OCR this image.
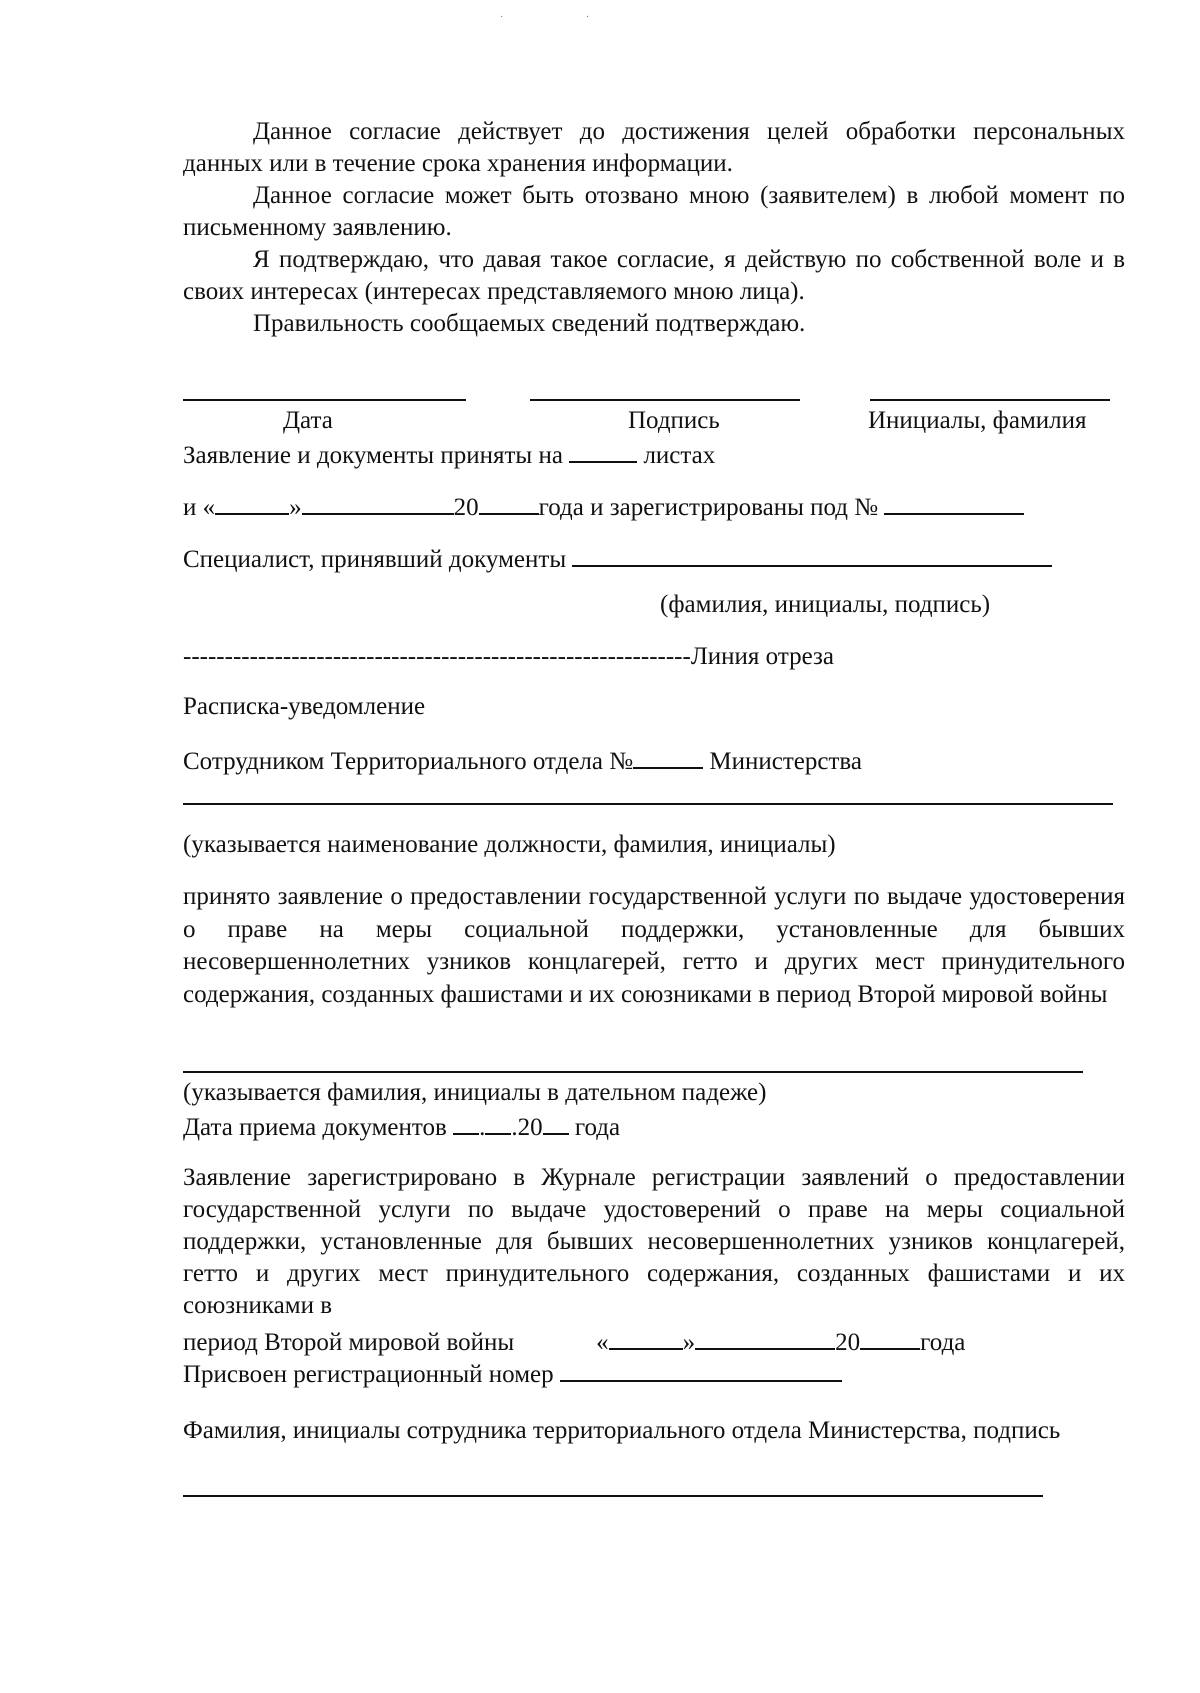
· ·
Данное согласие действует до достижения целей обработки персональных данных или в течение срока хранения информации.
Данное согласие может быть отозвано мною (заявителем) в любой момент по письменному заявлению.
Я подтверждаю, что давая такое согласие, я действую по собственной воле и в своих интересах (интересах представляемого мною лица).
Правильность сообщаемых сведений подтверждаю.
Дата	Подпись	Инициалы, фамилия
Заявление и документы приняты на	листах
и «	»	20 года и зарегистрированы под №
Специалист, принявший документы
(фамилия, инициалы, подпись)
-------------------------------------------------------------Линия отреза
Расписка-уведомление
Сотрудником Территориального отдела №	Министерства
(указывается наименование должности, фамилия, инициалы)
принято заявление о предоставлении государственной услуги по выдаче удостоверения о праве на меры социальной поддержки, установленные для бывших несовершеннолетних узников концлагерей, гетто и других мест принудительного содержания, созданных фашистами и их союзниками в период Второй мировой войны
(указывается фамилия, инициалы в дательном падеже)
Дата приема документов . .20 года
Заявление зарегистрировано в Журнале регистрации заявлений о предоставлении государственной услуги по выдаче удостоверений о праве на меры социальной поддержки, установленные для бывших несовершеннолетних узников концлагерей, гетто и других мест принудительного содержания, созданных фашистами и их союзниками в
период Второй мировой войны	«	»	20 года
Присвоен регистрационный номер
Фамилия, инициалы сотрудника территориального отдела Министерства, подпись
